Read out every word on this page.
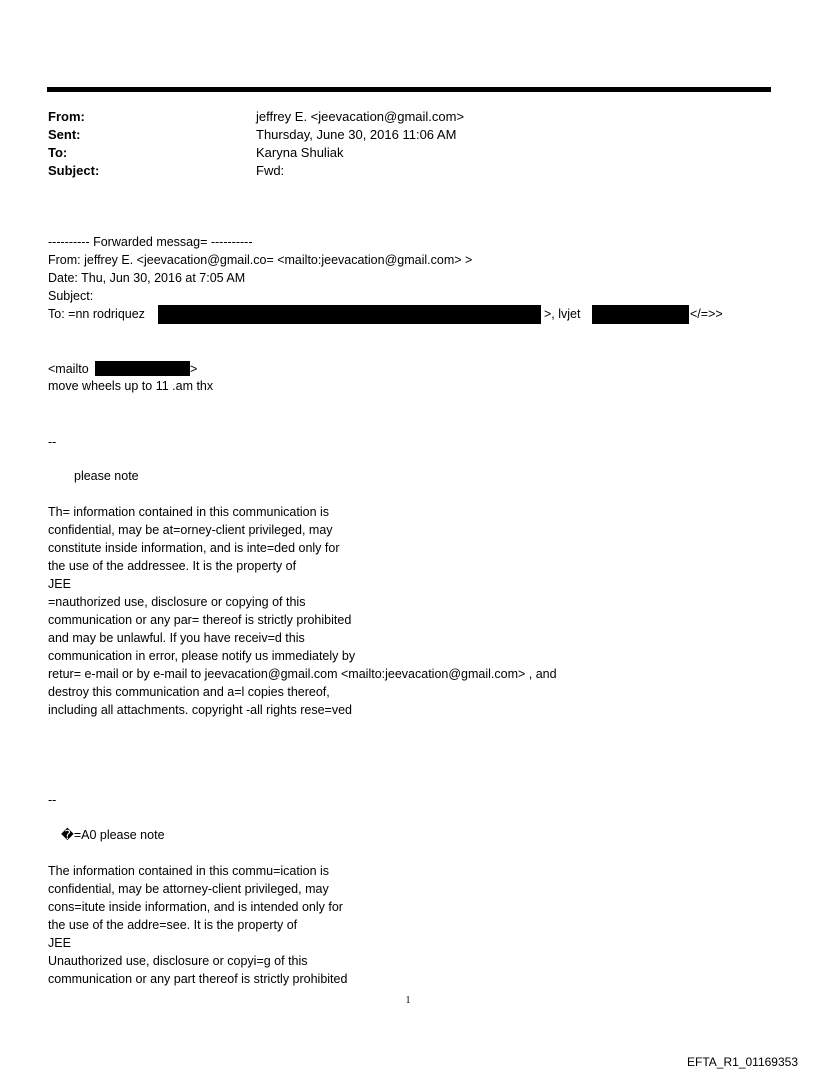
From:	jeffrey E. <jeevacation@gmail.com>
Sent:	Thursday, June 30, 2016 11:06 AM
To:	Karyna Shuliak
Subject:	Fwd:
---------- Forwarded messag= ----------
From: jeffrey E. <jeevacation@gmail.co= <mailto:jeevacation@gmail.com> >
Date: Thu, Jun 30, 2016 at 7:05 AM
Subject:
To: =nn rodriquez	>, lvjet	</=>>
<mailto	>
move wheels up to 11 .am thx
--
please note
Th= information contained in this communication is
confidential, may be at=orney-client privileged, may
constitute inside information, and is inte=ded only for
the use of the addressee. It is the property of
JEE
=nauthorized use, disclosure or copying of this
communication or any par= thereof is strictly prohibited
and may be unlawful. If you have receiv=d this
communication in error, please notify us immediately by
retur= e-mail or by e-mail to jeevacation@gmail.com <mailto:jeevacation@gmail.com> , and
destroy this communication and a=l copies thereof,
including all attachments. copyright -all rights rese=ved
--
�=A0 please note
The information contained in this commu=ication is
confidential, may be attorney-client privileged, may
cons=itute inside information, and is intended only for
the use of the addre=see. It is the property of
JEE
Unauthorized use, disclosure or copyi=g of this
communication or any part thereof is strictly prohibited
1
EFTA_R1_01169353
